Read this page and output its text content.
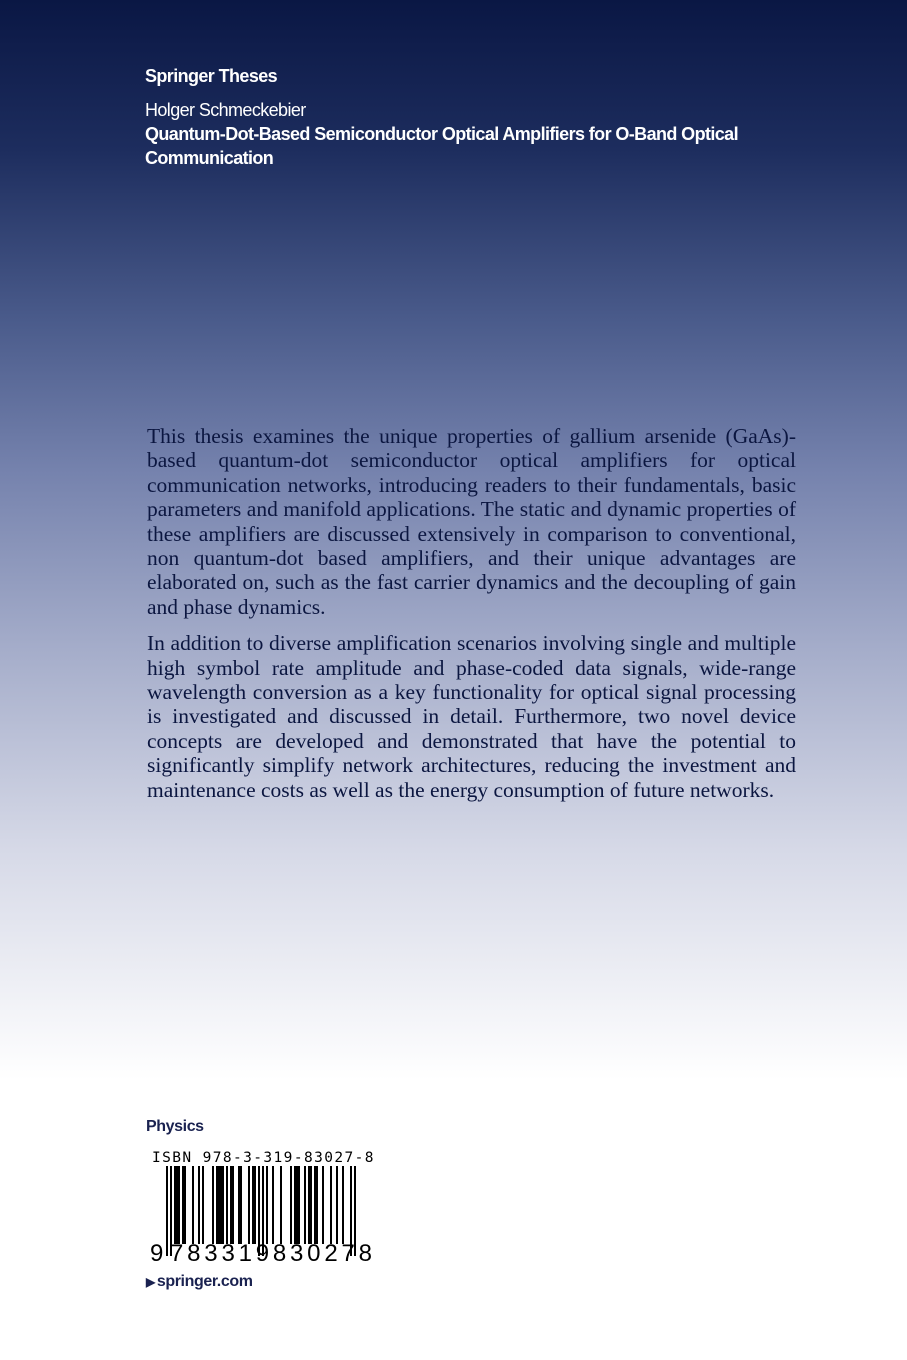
Springer Theses
Holger Schmeckebier
Quantum-Dot-Based Semiconductor Optical Amplifiers for O-Band Optical Communication

This thesis examines the unique properties of gallium arsenide (GaAs)-based quantum-dot semiconductor optical amplifiers for optical communication networks, introducing readers to their fundamentals, basic parameters and manifold applications. The static and dynamic properties of these amplifiers are discussed extensively in comparison to conventional, non quantum-dot based amplifiers, and their unique advantages are elaborated on, such as the fast carrier dynamics and the decoupling of gain and phase dynamics.

In addition to diverse amplification scenarios involving single and multiple high symbol rate amplitude and phase-coded data signals, wide-range wavelength conversion as a key functionality for optical signal processing is investigated and discussed in detail. Furthermore, two novel device concepts are developed and demonstrated that have the potential to significantly simplify network architectures, reducing the investment and maintenance costs as well as the energy consumption of future networks.

Physics
ISBN 978-3-319-83027-8
9 783319830278
▶ springer.com
